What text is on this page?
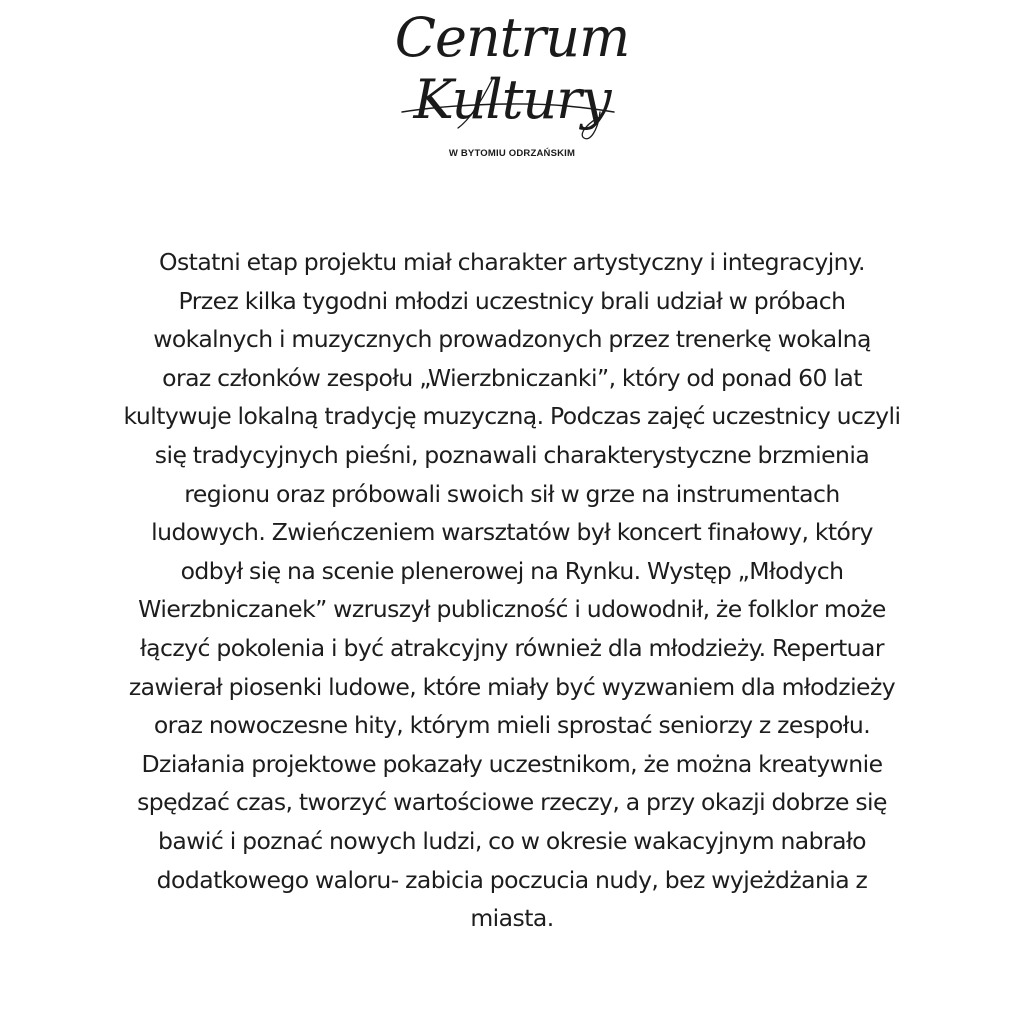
Centrum
Kultury
W BYTOMIU ODRZAŃSKIM

Ostatni etap projektu miał charakter artystyczny i integracyjny.
Przez kilka tygodni młodzi uczestnicy brali udział w próbach
wokalnych i muzycznych prowadzonych przez trenerkę wokalną
oraz członków zespołu „Wierzbniczanki”, który od ponad 60 lat
kultywuje lokalną tradycję muzyczną. Podczas zajęć uczestnicy uczyli
się tradycyjnych pieśni, poznawali charakterystyczne brzmienia
regionu oraz próbowali swoich sił w grze na instrumentach
ludowych. Zwieńczeniem warsztatów był koncert finałowy, który
odbył się na scenie plenerowej na Rynku. Występ „Młodych
Wierzbniczanek” wzruszył publiczność i udowodnił, że folklor może
łączyć pokolenia i być atrakcyjny również dla młodzieży. Repertuar
zawierał piosenki ludowe, które miały być wyzwaniem dla młodzieży
oraz nowoczesne hity, którym mieli sprostać seniorzy z zespołu.
Działania projektowe pokazały uczestnikom, że można kreatywnie
spędzać czas, tworzyć wartościowe rzeczy, a przy okazji dobrze się
bawić i poznać nowych ludzi, co w okresie wakacyjnym nabrało
dodatkowego waloru- zabicia poczucia nudy, bez wyjeżdżania z
miasta.
